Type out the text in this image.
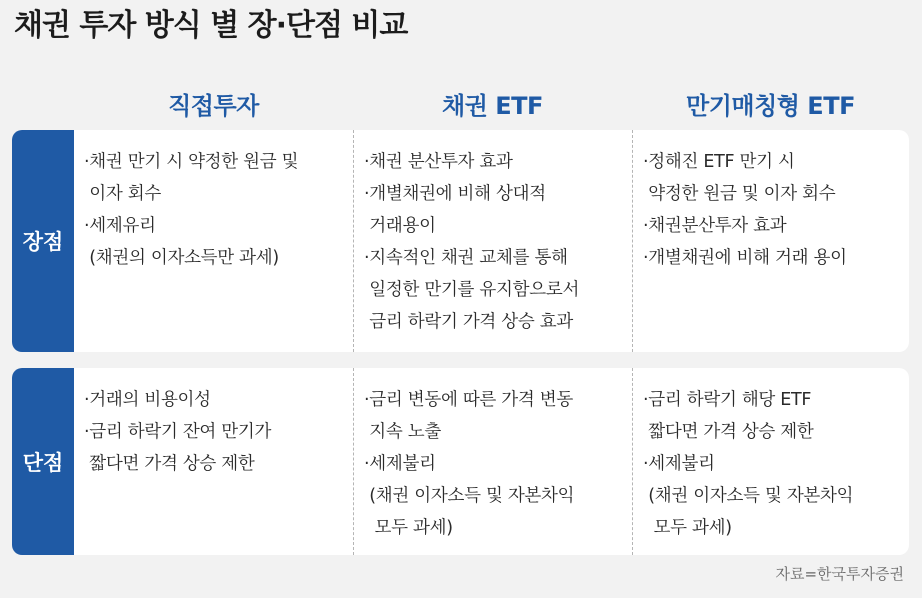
채권 투자 방식 별 장·단점 비교
직접투자	채권 ETF	만기매칭형 ETF
장점
·채권 만기 시 약정한 원금 및
이자 회수
·세제유리
(채권의 이자소득만 과세)
·채권 분산투자 효과
·개별채권에 비해 상대적
거래용이
·지속적인 채권 교체를 통해
일정한 만기를 유지함으로서
금리 하락기 가격 상승 효과
·정해진 ETF 만기 시
약정한 원금 및 이자 회수
·채권분산투자 효과
·개별채권에 비해 거래 용이
단점
·거래의 비용이성
·금리 하락기 잔여 만기가
짧다면 가격 상승 제한
·금리 변동에 따른 가격 변동
지속 노출
·세제불리
(채권 이자소득 및 자본차익
모두 과세)
·금리 하락기 해당 ETF
짧다면 가격 상승 제한
·세제불리
(채권 이자소득 및 자본차익
모두 과세)
자료=한국투자증권
